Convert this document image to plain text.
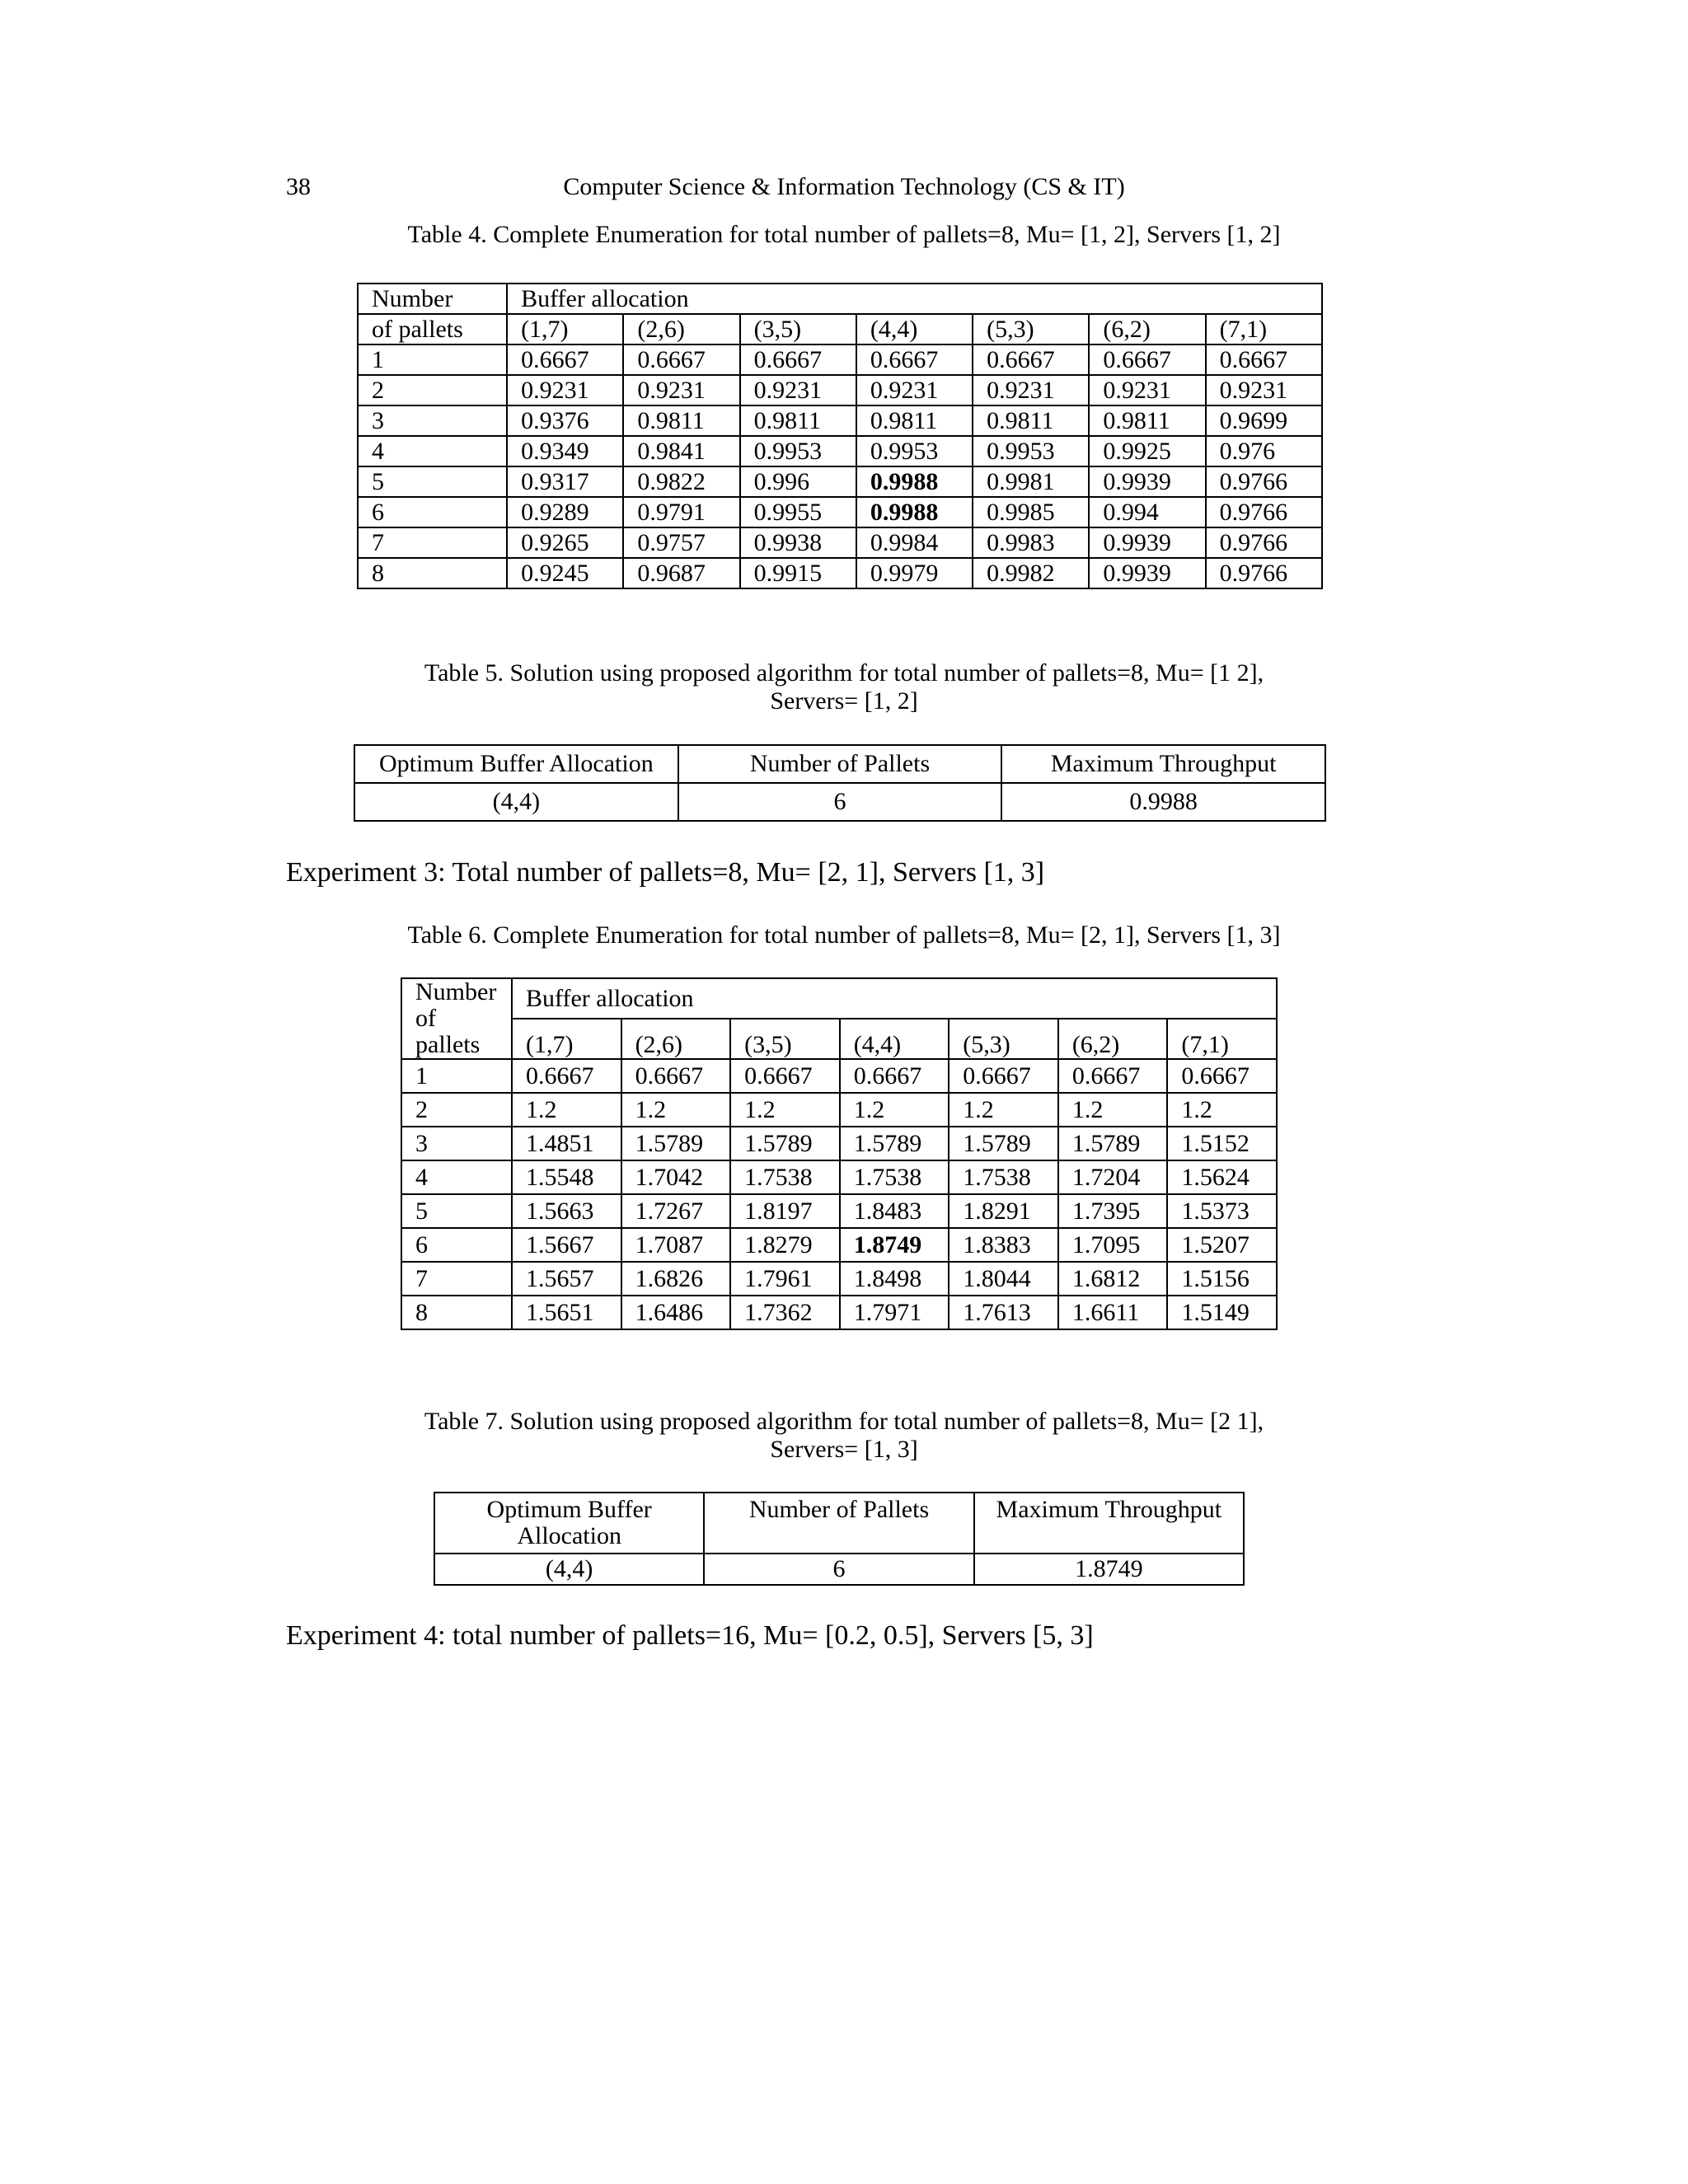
38	Computer Science & Information Technology (CS & IT)
Table 4. Complete Enumeration for total number of pallets=8, Mu= [1, 2], Servers [1, 2]
Number	Buffer allocation						
of pallets	(1,7)	(2,6)	(3,5)	(4,4)	(5,3)	(6,2)	(7,1)
1	0.6667	0.6667	0.6667	0.6667	0.6667	0.6667	0.6667
2	0.9231	0.9231	0.9231	0.9231	0.9231	0.9231	0.9231
3	0.9376	0.9811	0.9811	0.9811	0.9811	0.9811	0.9699
4	0.9349	0.9841	0.9953	0.9953	0.9953	0.9925	0.976
5	0.9317	0.9822	0.996	0.9988	0.9981	0.9939	0.9766
6	0.9289	0.9791	0.9955	0.9988	0.9985	0.994	0.9766
7	0.9265	0.9757	0.9938	0.9984	0.9983	0.9939	0.9766
8	0.9245	0.9687	0.9915	0.9979	0.9982	0.9939	0.9766
Table 5. Solution using proposed algorithm for total number of pallets=8, Mu= [1 2],
Servers= [1, 2]
Optimum Buffer Allocation	Number of Pallets	Maximum Throughput
(4,4)	6	0.9988
Experiment 3: Total number of pallets=8, Mu= [2, 1], Servers [1, 3]
Table 6. Complete Enumeration for total number of pallets=8, Mu= [2, 1], Servers [1, 3]
Number
of
pallets	Buffer allocation						
	(1,7)	(2,6)	(3,5)	(4,4)	(5,3)	(6,2)	(7,1)
1	0.6667	0.6667	0.6667	0.6667	0.6667	0.6667	0.6667
2	1.2	1.2	1.2	1.2	1.2	1.2	1.2
3	1.4851	1.5789	1.5789	1.5789	1.5789	1.5789	1.5152
4	1.5548	1.7042	1.7538	1.7538	1.7538	1.7204	1.5624
5	1.5663	1.7267	1.8197	1.8483	1.8291	1.7395	1.5373
6	1.5667	1.7087	1.8279	1.8749	1.8383	1.7095	1.5207
7	1.5657	1.6826	1.7961	1.8498	1.8044	1.6812	1.5156
8	1.5651	1.6486	1.7362	1.7971	1.7613	1.6611	1.5149
Table 7. Solution using proposed algorithm for total number of pallets=8, Mu= [2 1],
Servers= [1, 3]
Optimum Buffer
Allocation	Number of Pallets	Maximum Throughput
(4,4)	6	1.8749
Experiment 4: total number of pallets=16, Mu= [0.2, 0.5], Servers [5, 3]
